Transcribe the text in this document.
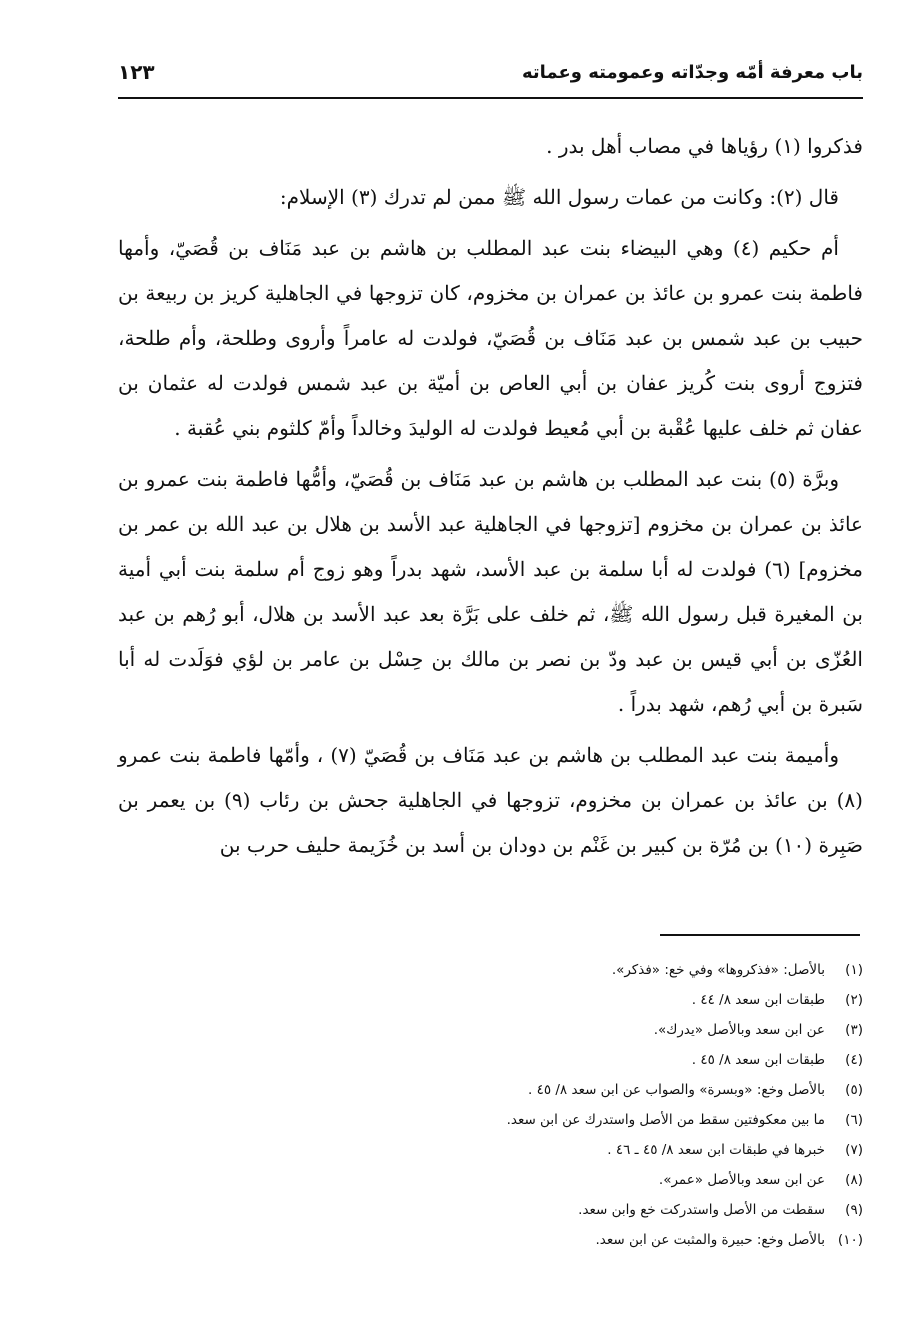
باب معرفة أمّه وجدّاته وعمومته وعماته
١٢٣

فذكروا (١) رؤياها في مصاب أهل بدر .

قال (٢): وكانت من عمات رسول الله ﷺ ممن لم تدرك (٣) الإسلام:

أم حكيم (٤) وهي البيضاء بنت عبد المطلب بن هاشم بن عبد مَنَاف بن قُصَيّ، وأمها فاطمة بنت عمرو بن عائذ بن عمران بن مخزوم، كان تزوجها في الجاهلية كريز بن ربيعة بن حبيب بن عبد شمس بن عبد مَنَاف بن قُصَيّ، فولدت له عامراً وأروى وطلحة، وأم طلحة، فتزوج أروى بنت كُريز عفان بن أبي العاص بن أميّة بن عبد شمس فولدت له عثمان بن عفان ثم خلف عليها عُقْبة بن أبي مُعيط فولدت له الوليدَ وخالداً وأمّ كلثوم بني عُقبة .

وبرَّة (٥) بنت عبد المطلب بن هاشم بن عبد مَنَاف بن قُصَيّ، وأمُّها فاطمة بنت عمرو بن عائذ بن عمران بن مخزوم [تزوجها في الجاهلية عبد الأسد بن هلال بن عبد الله بن عمر بن مخزوم] (٦) فولدت له أبا سلمة بن عبد الأسد، شهد بدراً وهو زوج أم سلمة بنت أبي أمية بن المغيرة قبل رسول الله ﷺ، ثم خلف على بَرَّة بعد عبد الأسد بن هلال، أبو رُهم بن عبد العُزّى بن أبي قيس بن عبد ودّ بن نصر بن مالك بن حِسْل بن عامر بن لؤي فوَلَدت له أبا سَبرة بن أبي رُهم، شهد بدراً .

وأميمة بنت عبد المطلب بن هاشم بن عبد مَنَاف بن قُصَيّ (٧) ، وأمّها فاطمة بنت عمرو (٨) بن عائذ بن عمران بن مخزوم، تزوجها في الجاهلية جحش بن رئاب (٩) بن يعمر بن صَبِرة (١٠) بن مُرّة بن كبير بن غَنْم بن دودان بن أسد بن خُزَيمة حليف حرب بن

(١)بالأصل: «فذكروها» وفي خع: «فذكر».
(٢)طبقات ابن سعد ٨/ ٤٤ .
(٣)عن ابن سعد وبالأصل «يدرك».
(٤)طبقات ابن سعد ٨/ ٤٥ .
(٥)بالأصل وخع: «وبسرة» والصواب عن ابن سعد ٨/ ٤٥ .
(٦)ما بين معكوفتين سقط من الأصل واستدرك عن ابن سعد.
(٧)خبرها في طبقات ابن سعد ٨/ ٤٥ ـ ٤٦ .
(٨)عن ابن سعد وبالأصل «عمر».
(٩)سقطت من الأصل واستدركت خع وابن سعد.
(١٠)بالأصل وخع: حبيرة والمثبت عن ابن سعد.
